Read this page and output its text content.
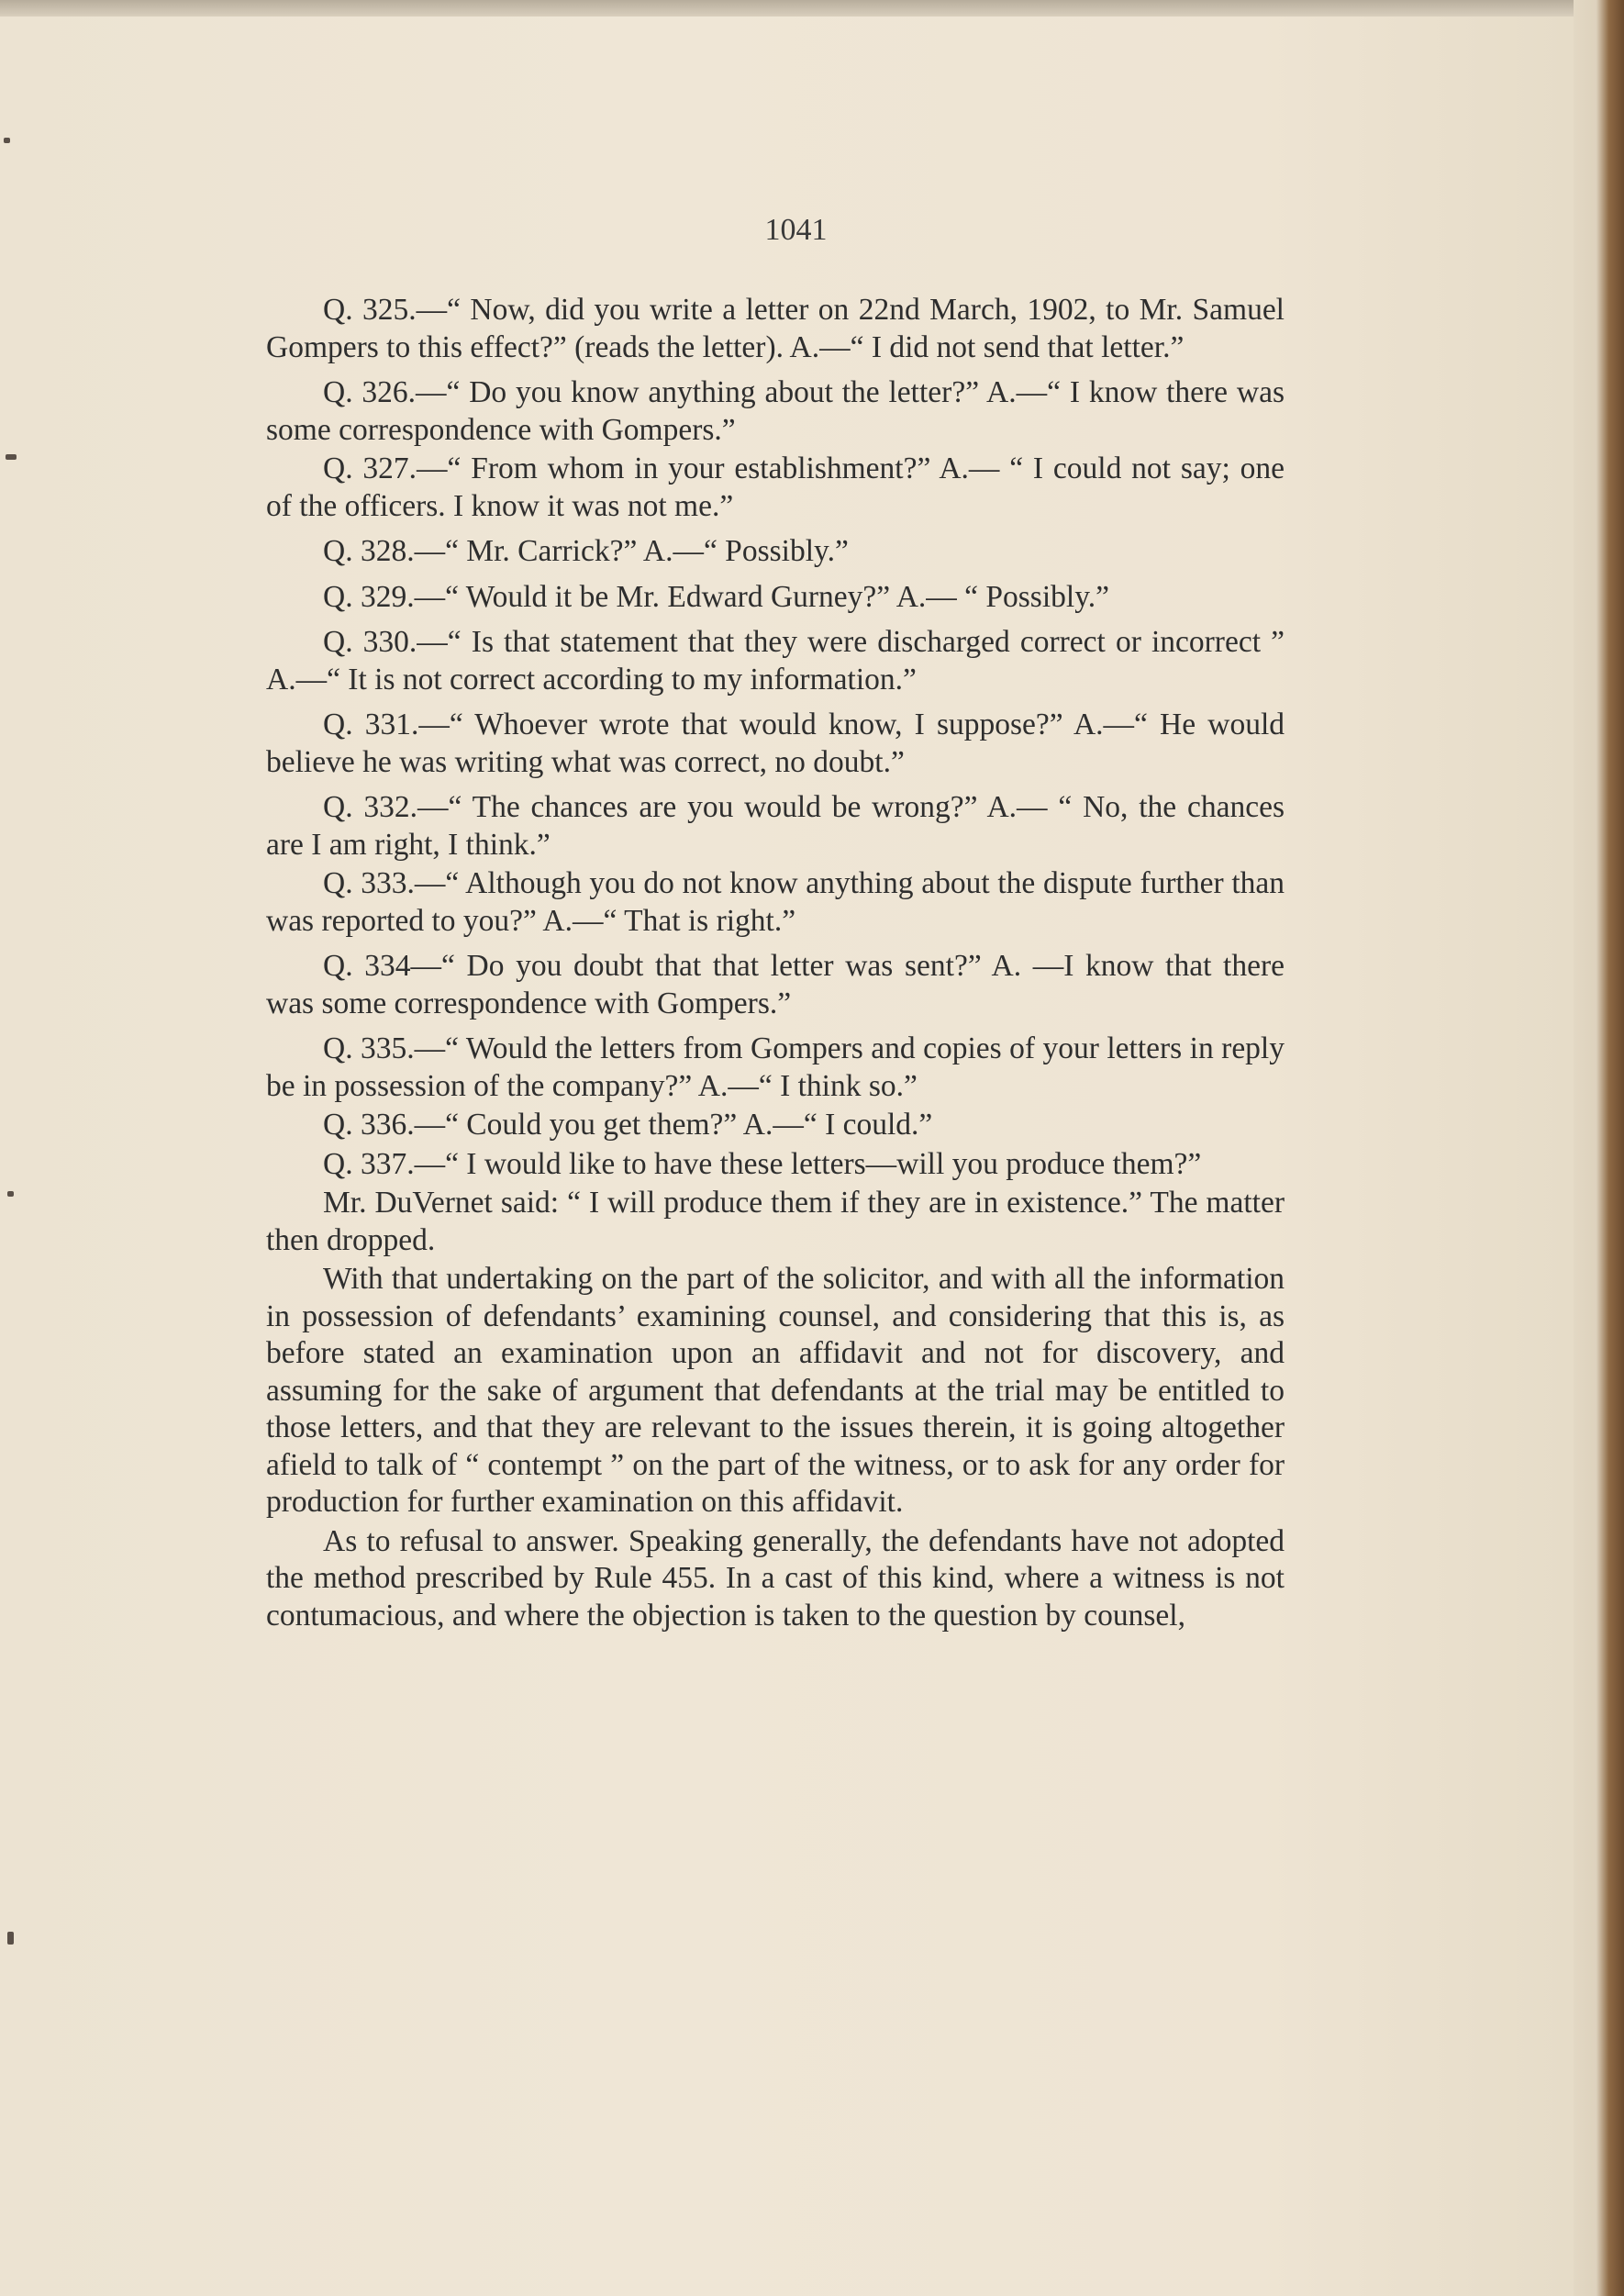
1041

Q. 325.—“ Now, did you write a letter on 22nd March, 1902, to Mr. Samuel Gompers to this effect?” (reads the letter). A.—“ I did not send that letter.”

Q. 326.—“ Do you know anything about the letter?” A.—“ I know there was some correspondence with Gompers.”

Q. 327.—“ From whom in your establishment?” A.— “ I could not say; one of the officers. I know it was not me.”

Q. 328.—“ Mr. Carrick?” A.—“ Possibly.”

Q. 329.—“ Would it be Mr. Edward Gurney?” A.— “ Possibly.”

Q. 330.—“ Is that statement that they were discharged correct or incorrect ” A.—“ It is not correct according to my information.”

Q. 331.—“ Whoever wrote that would know, I suppose?” A.—“ He would believe he was writing what was correct, no doubt.”

Q. 332.—“ The chances are you would be wrong?” A.— “ No, the chances are I am right, I think.”

Q. 333.—“ Although you do not know anything about the dispute further than was reported to you?” A.—“ That is right.”

Q. 334—“ Do you doubt that that letter was sent?” A. —I know that there was some correspondence with Gompers.”

Q. 335.—“ Would the letters from Gompers and copies of your letters in reply be in possession of the company?” A.—“ I think so.”

Q. 336.—“ Could you get them?” A.—“ I could.”

Q. 337.—“ I would like to have these letters—will you produce them?”

Mr. DuVernet said: “ I will produce them if they are in existence.” The matter then dropped.

With that undertaking on the part of the solicitor, and with all the information in possession of defendants’ examining counsel, and considering that this is, as before stated an examination upon an affidavit and not for discovery, and assuming for the sake of argument that defendants at the trial may be entitled to those letters, and that they are relevant to the issues therein, it is going altogether afield to talk of “ contempt ” on the part of the witness, or to ask for any order for production for further examination on this affidavit.

As to refusal to answer. Speaking generally, the defendants have not adopted the method prescribed by Rule 455. In a cast of this kind, where a witness is not contumacious, and where the objection is taken to the question by counsel,
